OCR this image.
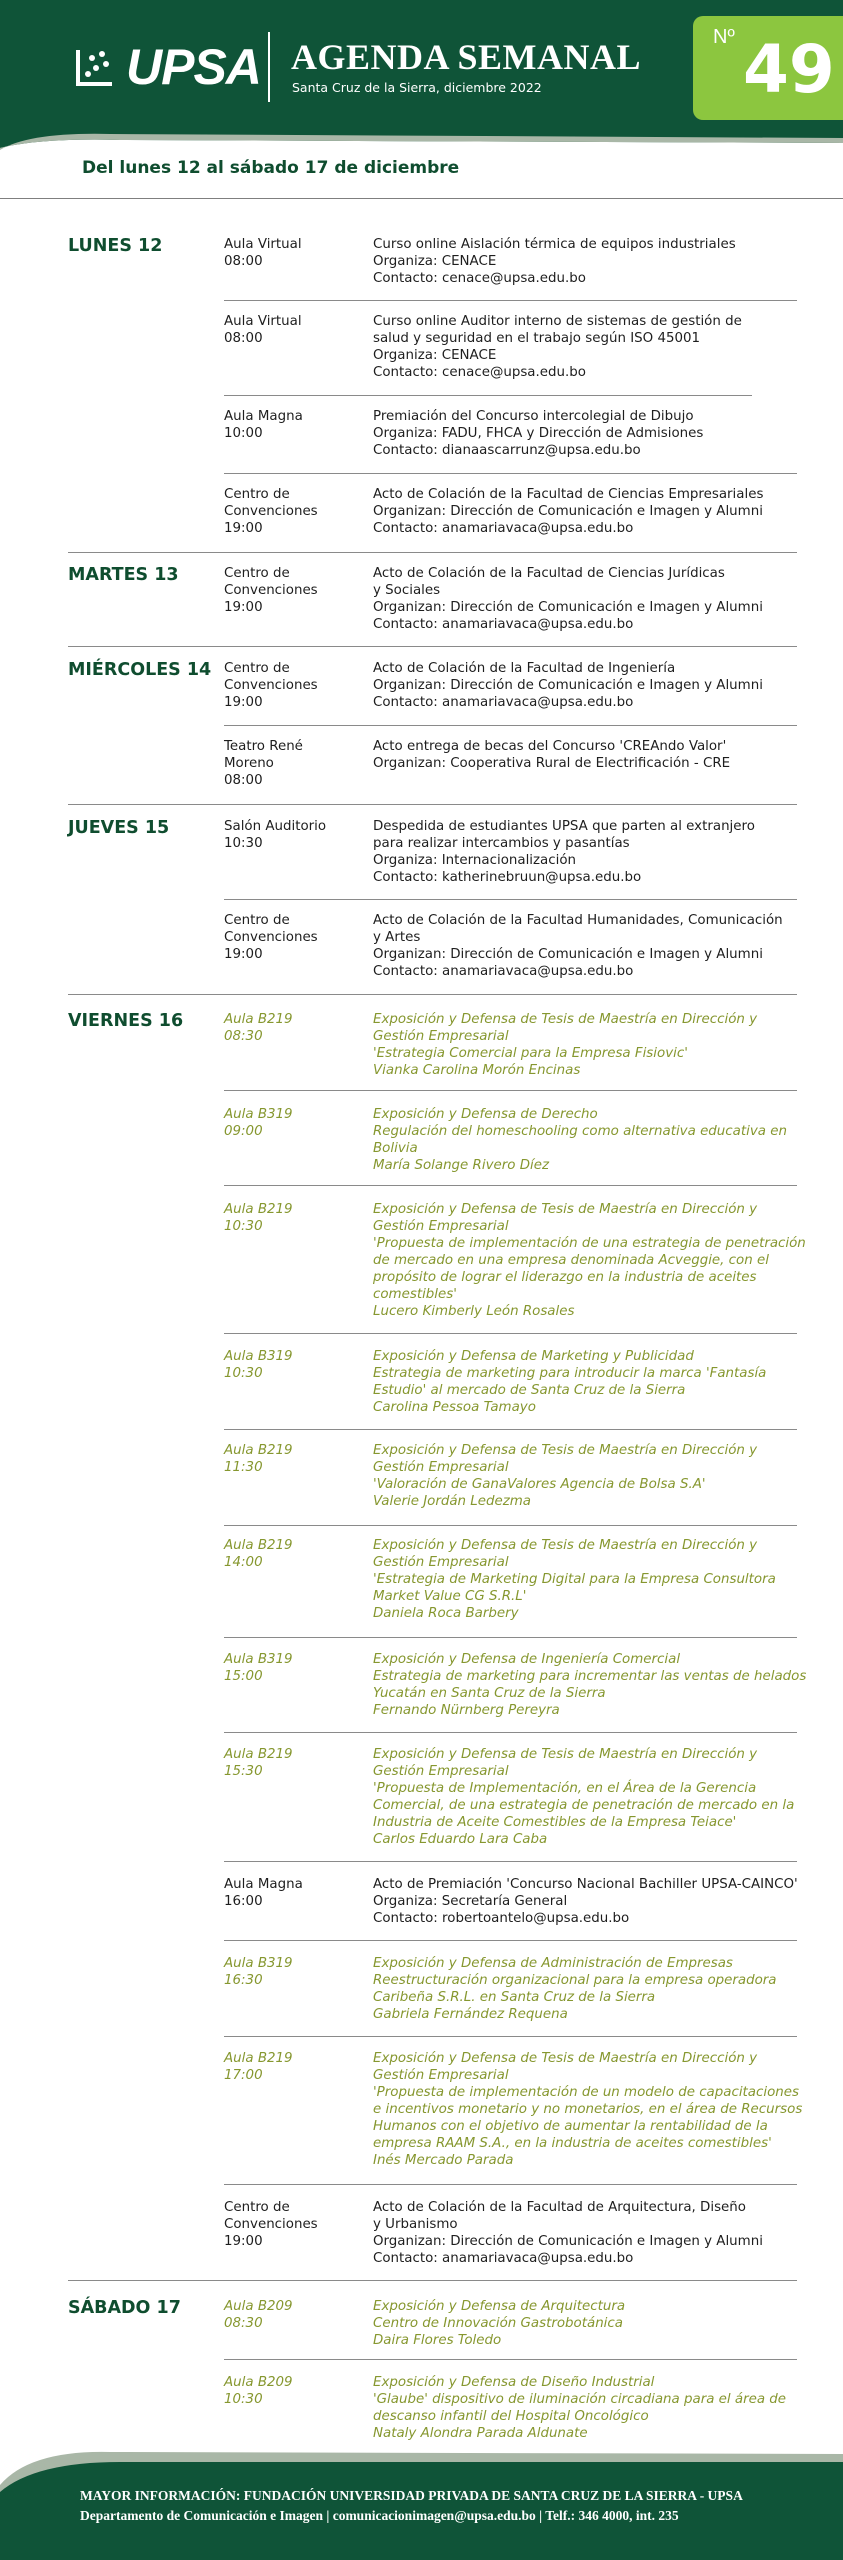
UPSA AGENDA SEMANAL
Santa Cruz de la Sierra, diciembre 2022
Nº 49
Del lunes 12 al sábado 17 de diciembre
LUNES 12
MARTES 13
MIÉRCOLES 14
JUEVES 15
VIERNES 16
SÁBADO 17
Aula Virtual
08:00
Curso online Aislación térmica de equipos industriales
Organiza: CENACE
Contacto: cenace@upsa.edu.bo
Aula Virtual
08:00
Curso online Auditor interno de sistemas de gestión de
salud y seguridad en el trabajo según ISO 45001
Organiza: CENACE
Contacto: cenace@upsa.edu.bo
Aula Magna
10:00
Premiación del Concurso intercolegial de Dibujo
Organiza: FADU, FHCA y Dirección de Admisiones
Contacto: dianaascarrunz@upsa.edu.bo
Centro de
Convenciones
19:00
Acto de Colación de la Facultad de Ciencias Empresariales
Organizan: Dirección de Comunicación e Imagen y Alumni
Contacto: anamariavaca@upsa.edu.bo
Centro de
Convenciones
19:00
Acto de Colación de la Facultad de Ciencias Jurídicas
y Sociales
Organizan: Dirección de Comunicación e Imagen y Alumni
Contacto: anamariavaca@upsa.edu.bo
Centro de
Convenciones
19:00
Acto de Colación de la Facultad de Ingeniería
Organizan: Dirección de Comunicación e Imagen y Alumni
Contacto: anamariavaca@upsa.edu.bo
Teatro René
Moreno
08:00
Acto entrega de becas del Concurso 'CREAndo Valor'
Organizan: Cooperativa Rural de Electrificación - CRE
Salón Auditorio
10:30
Despedida de estudiantes UPSA que parten al extranjero
para realizar intercambios y pasantías
Organiza: Internacionalización
Contacto: katherinebruun@upsa.edu.bo
Centro de
Convenciones
19:00
Acto de Colación de la Facultad Humanidades, Comunicación
y Artes
Organizan: Dirección de Comunicación e Imagen y Alumni
Contacto: anamariavaca@upsa.edu.bo
Aula B219
08:30
Exposición y Defensa de Tesis de Maestría en Dirección y
Gestión Empresarial
'Estrategia Comercial para la Empresa Fisiovic'
Vianka Carolina Morón Encinas
Aula B319
09:00
Exposición y Defensa de Derecho
Regulación del homeschooling como alternativa educativa en
Bolivia
María Solange Rivero Díez
Aula B219
10:30
Exposición y Defensa de Tesis de Maestría en Dirección y
Gestión Empresarial
'Propuesta de implementación de una estrategia de penetración
de mercado en una empresa denominada Acveggie, con el
propósito de lograr el liderazgo en la industria de aceites
comestibles'
Lucero Kimberly León Rosales
Aula B319
10:30
Exposición y Defensa de Marketing y Publicidad
Estrategia de marketing para introducir la marca 'Fantasía
Estudio' al mercado de Santa Cruz de la Sierra
Carolina Pessoa Tamayo
Aula B219
11:30
Exposición y Defensa de Tesis de Maestría en Dirección y
Gestión Empresarial
'Valoración de GanaValores Agencia de Bolsa S.A'
Valerie Jordán Ledezma
Aula B219
14:00
Exposición y Defensa de Tesis de Maestría en Dirección y
Gestión Empresarial
'Estrategia de Marketing Digital para la Empresa Consultora
Market Value CG S.R.L'
Daniela Roca Barbery
Aula B319
15:00
Exposición y Defensa de Ingeniería Comercial
Estrategia de marketing para incrementar las ventas de helados
Yucatán en Santa Cruz de la Sierra
Fernando Nürnberg Pereyra
Aula B219
15:30
Exposición y Defensa de Tesis de Maestría en Dirección y
Gestión Empresarial
'Propuesta de Implementación, en el Área de la Gerencia
Comercial, de una estrategia de penetración de mercado en la
Industria de Aceite Comestibles de la Empresa Teiace'
Carlos Eduardo Lara Caba
Aula Magna
16:00
Acto de Premiación 'Concurso Nacional Bachiller UPSA-CAINCO'
Organiza: Secretaría General
Contacto: robertoantelo@upsa.edu.bo
Aula B319
16:30
Exposición y Defensa de Administración de Empresas
Reestructuración organizacional para la empresa operadora
Caribeña S.R.L. en Santa Cruz de la Sierra
Gabriela Fernández Requena
Aula B219
17:00
Exposición y Defensa de Tesis de Maestría en Dirección y
Gestión Empresarial
'Propuesta de implementación de un modelo de capacitaciones
e incentivos monetario y no monetarios, en el área de Recursos
Humanos con el objetivo de aumentar la rentabilidad de la
empresa RAAM S.A., en la industria de aceites comestibles'
Inés Mercado Parada
Centro de
Convenciones
19:00
Acto de Colación de la Facultad de Arquitectura, Diseño
y Urbanismo
Organizan: Dirección de Comunicación e Imagen y Alumni
Contacto: anamariavaca@upsa.edu.bo
Aula B209
08:30
Exposición y Defensa de Arquitectura
Centro de Innovación Gastrobotánica
Daira Flores Toledo
Aula B209
10:30
Exposición y Defensa de Diseño Industrial
'Glaube' dispositivo de iluminación circadiana para el área de
descanso infantil del Hospital Oncológico
Nataly Alondra Parada Aldunate
MAYOR INFORMACIÓN: FUNDACIÓN UNIVERSIDAD PRIVADA DE SANTA CRUZ DE LA SIERRA - UPSA
Departamento de Comunicación e Imagen | comunicacionimagen@upsa.edu.bo | Telf.: 346 4000, int. 235
